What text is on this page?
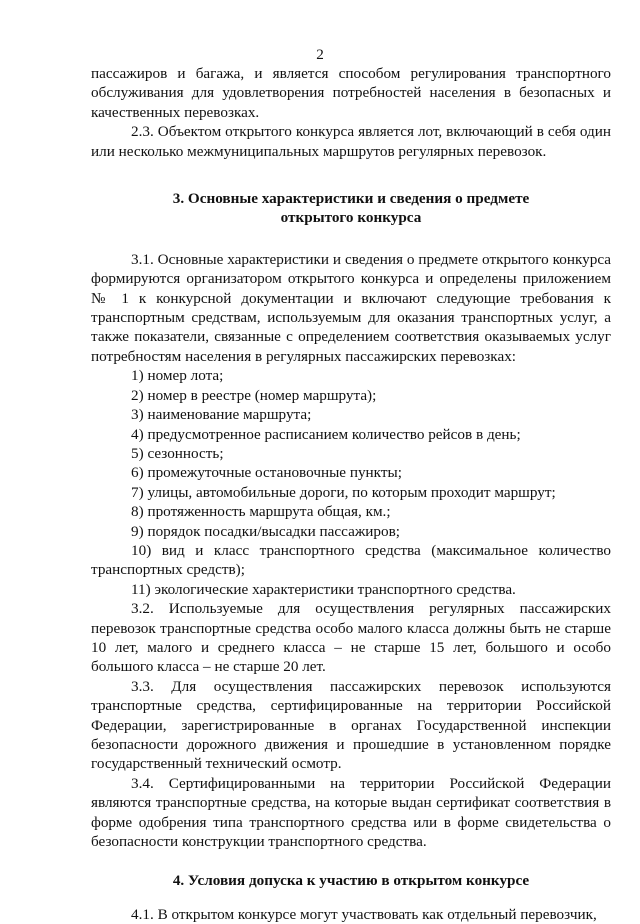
2

пассажиров и багажа, и является способом регулирования транспортного обслуживания для удовлетворения потребностей населения в безопасных и качественных перевозках.

2.3. Объектом открытого конкурса является лот, включающий в себя один или несколько межмуниципальных маршрутов регулярных перевозок.

3. Основные характеристики и сведения о предмете
открытого конкурса

3.1. Основные характеристики и сведения о предмете открытого конкурса формируются организатором открытого конкурса и определены приложением № 1 к конкурсной документации и включают следующие требования к транспортным средствам, используемым для оказания транспортных услуг, а также показатели, связанные с определением соответствия оказываемых услуг потребностям населения в регулярных пассажирских перевозках:

1) номер лота;

2) номер в реестре (номер маршрута);

3) наименование маршрута;

4) предусмотренное расписанием количество рейсов в день;

5) сезонность;

6) промежуточные остановочные пункты;

7) улицы, автомобильные дороги, по которым проходит маршрут;

8) протяженность маршрута общая, км.;

9) порядок посадки/высадки пассажиров;

10) вид и класс транспортного средства (максимальное количество транспортных средств);

11) экологические характеристики транспортного средства.

3.2. Используемые для осуществления регулярных пассажирских перевозок транспортные средства особо малого класса должны быть не старше 10 лет, малого и среднего класса – не старше 15 лет, большого и особо большого класса – не старше 20 лет.

3.3. Для осуществления пассажирских перевозок используются транспортные средства, сертифицированные на территории Российской Федерации, зарегистрированные в органах Государственной инспекции безопасности дорожного движения и прошедшие в установленном порядке государственный технический осмотр.

3.4. Сертифицированными на территории Российской Федерации являются транспортные средства, на которые выдан сертификат соответствия в форме одобрения типа транспортного средства или в форме свидетельства о безопасности конструкции транспортного средства.

4. Условия допуска к участию в открытом конкурсе

4.1. В открытом конкурсе могут участвовать как отдельный перевозчик,
